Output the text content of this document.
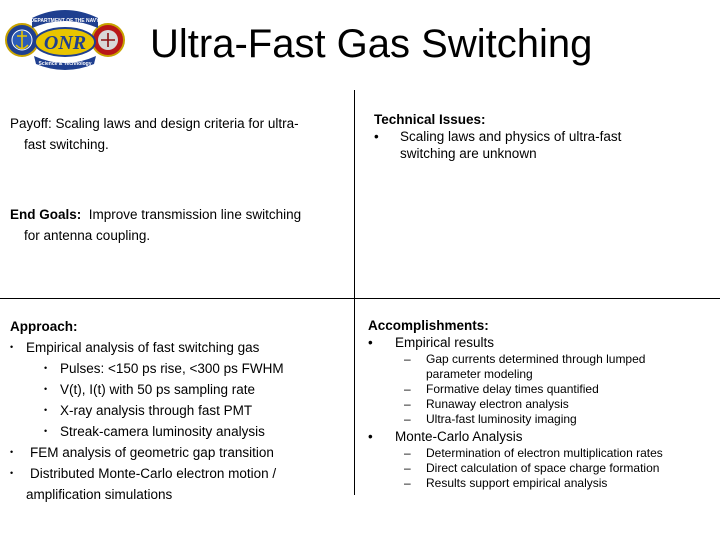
DEPARTMENT OF THE NAVY
ONR
Science & Technology Ultra-Fast Gas Switching
Payoff: Scaling laws and design criteria for ultra-
fast switching.
End Goals:  Improve transmission line switching
for antenna coupling.
Technical Issues:
• Scaling laws and physics of ultra-fast
switching are unknown
Approach:
• Empirical analysis of fast switching gas
• Pulses: <150 ps rise, <300 ps FWHM
• V(t), I(t) with 50 ps sampling rate
• X-ray analysis through fast PMT
• Streak-camera luminosity analysis
• FEM analysis of geometric gap transition
• Distributed Monte-Carlo electron motion /
amplification simulations
Accomplishments:
• Empirical results
– Gap currents determined through lumped
parameter modeling
– Formative delay times quantified
– Runaway electron analysis
– Ultra-fast luminosity imaging
• Monte-Carlo Analysis
– Determination of electron multiplication rates
– Direct calculation of space charge formation
– Results support empirical analysis
